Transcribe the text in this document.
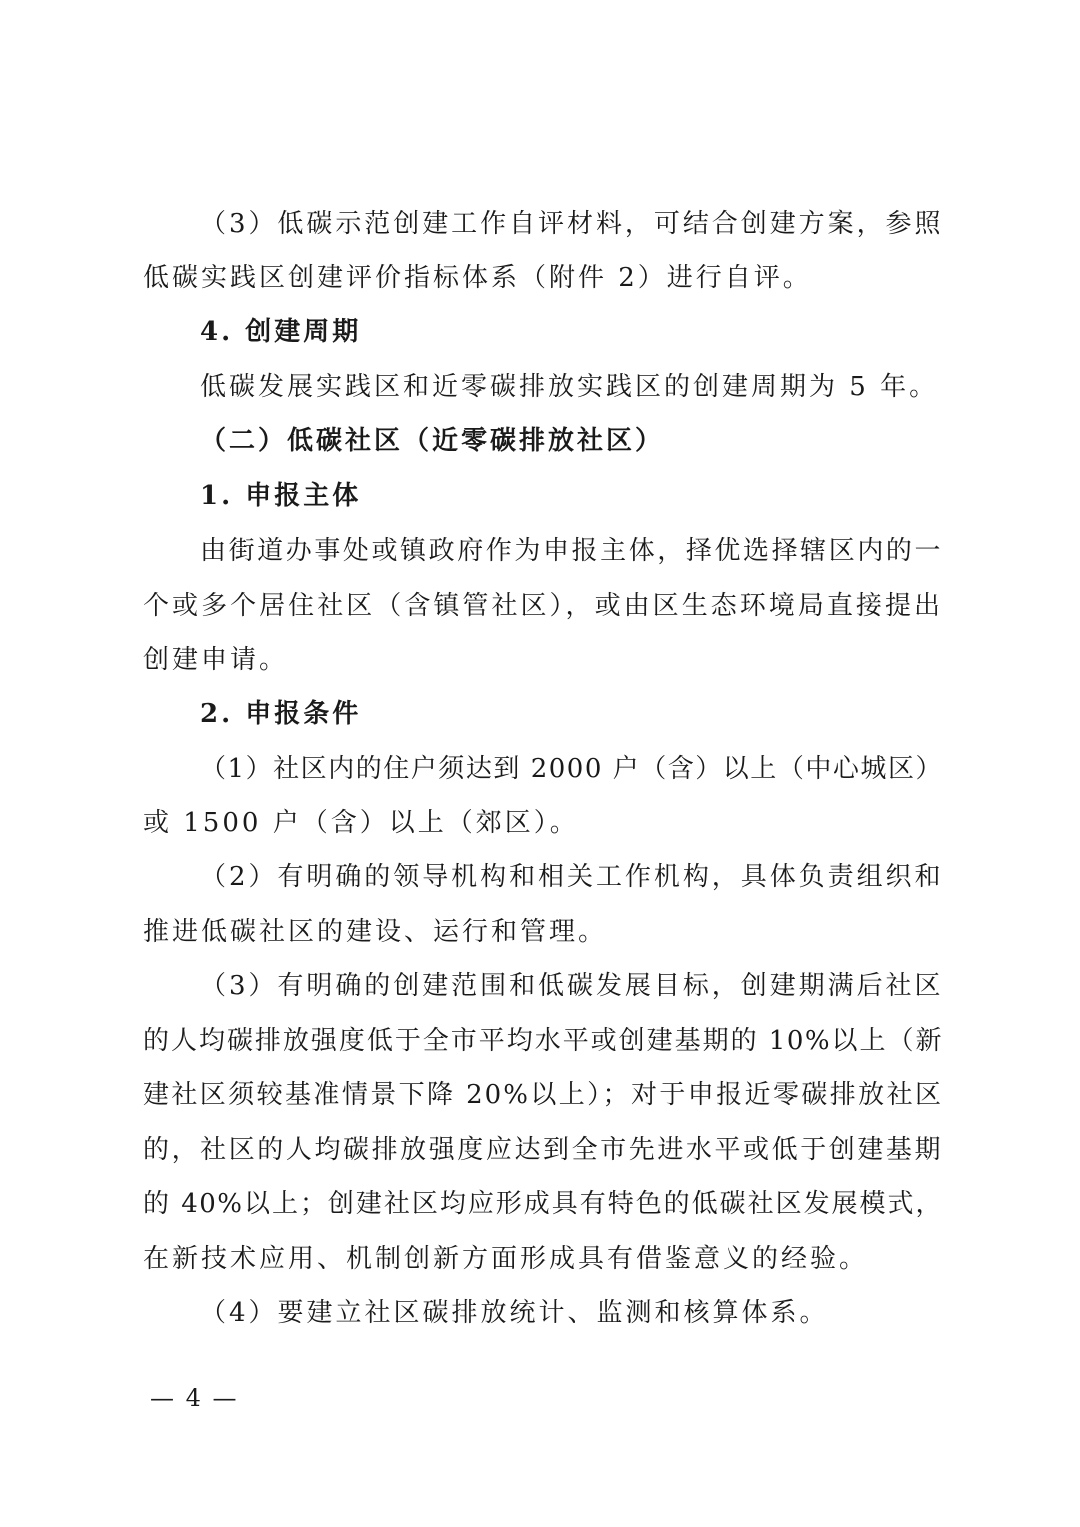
（3）低碳示范创建工作自评材料，可结合创建方案，参照
低碳实践区创建评价指标体系（附件 2）进行自评。
4. 创建周期
低碳发展实践区和近零碳排放实践区的创建周期为 5 年。
（二）低碳社区（近零碳排放社区）
1. 申报主体
由街道办事处或镇政府作为申报主体，择优选择辖区内的一
个或多个居住社区（含镇管社区），或由区生态环境局直接提出
创建申请。
2. 申报条件
（1）社区内的住户须达到 2000 户（含）以上（中心城区）
或 1500 户（含）以上（郊区）。
（2）有明确的领导机构和相关工作机构，具体负责组织和
推进低碳社区的建设、运行和管理。
（3）有明确的创建范围和低碳发展目标，创建期满后社区
的人均碳排放强度低于全市平均水平或创建基期的 10%以上（新
建社区须较基准情景下降 20%以上）；对于申报近零碳排放社区
的，社区的人均碳排放强度应达到全市先进水平或低于创建基期
的 40%以上；创建社区均应形成具有特色的低碳社区发展模式，
在新技术应用、机制创新方面形成具有借鉴意义的经验。
（4）要建立社区碳排放统计、监测和核算体系。
— 4 —
